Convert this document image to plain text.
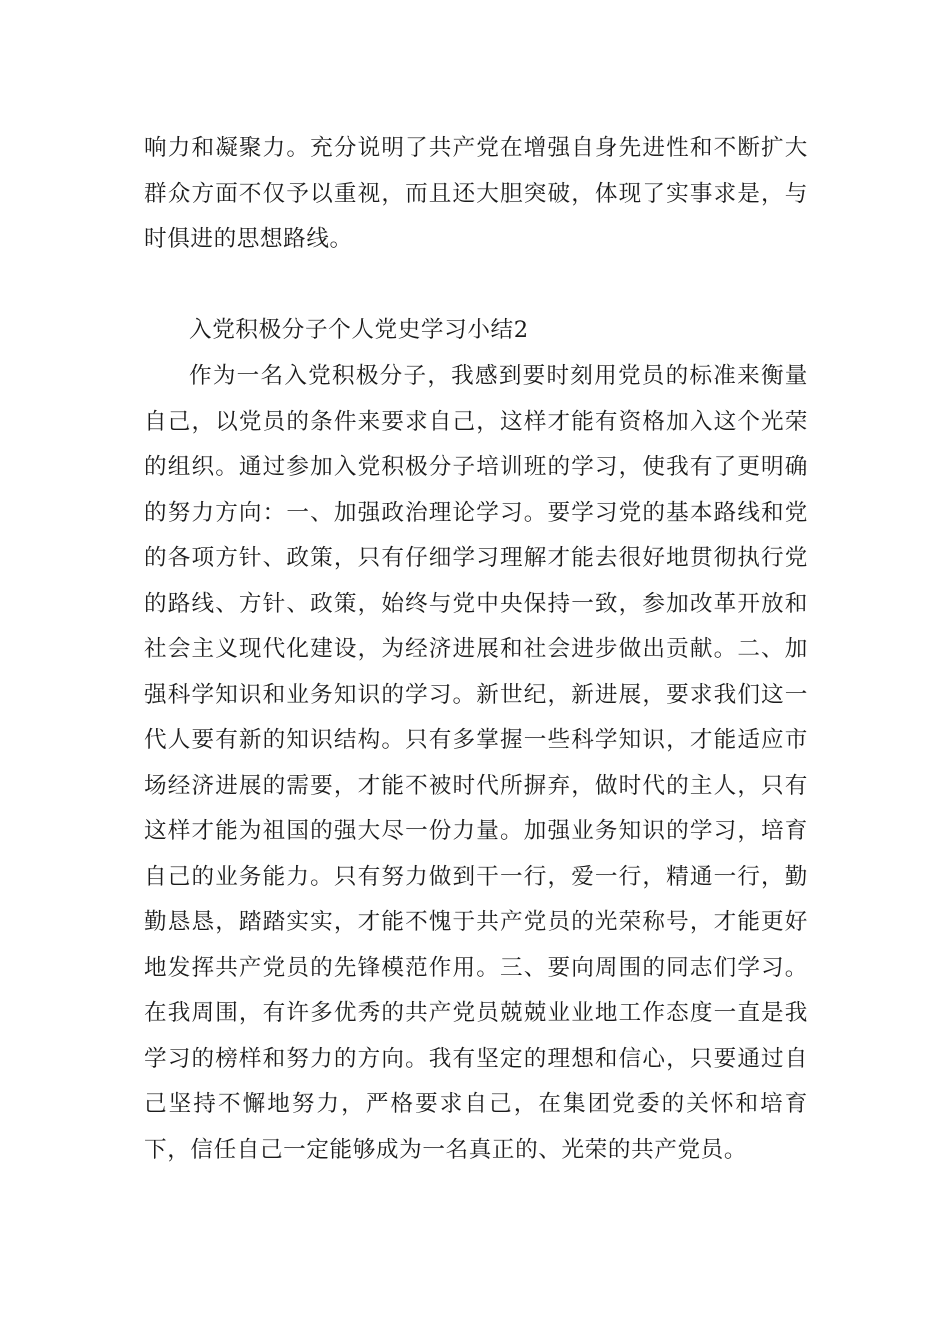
响力和凝聚力。充分说明了共产党在增强自身先进性和不断扩大群众方面不仅予以重视，而且还大胆突破，体现了实事求是，与时俱进的思想路线。

入党积极分子个人党史学习小结2

作为一名入党积极分子，我感到要时刻用党员的标准来衡量自己，以党员的条件来要求自己，这样才能有资格加入这个光荣的组织。通过参加入党积极分子培训班的学习，使我有了更明确的努力方向：一、加强政治理论学习。要学习党的基本路线和党的各项方针、政策，只有仔细学习理解才能去很好地贯彻执行党的路线、方针、政策，始终与党中央保持一致，参加改革开放和社会主义现代化建设，为经济进展和社会进步做出贡献。二、加强科学知识和业务知识的学习。新世纪，新进展，要求我们这一代人要有新的知识结构。只有多掌握一些科学知识，才能适应市场经济进展的需要，才能不被时代所摒弃，做时代的主人，只有这样才能为祖国的强大尽一份力量。加强业务知识的学习，培育自己的业务能力。只有努力做到干一行，爱一行，精通一行，勤勤恳恳，踏踏实实，才能不愧于共产党员的光荣称号，才能更好地发挥共产党员的先锋模范作用。三、要向周围的同志们学习。在我周围，有许多优秀的共产党员兢兢业业地工作态度一直是我学习的榜样和努力的方向。我有坚定的理想和信心，只要通过自己坚持不懈地努力，严格要求自己，在集团党委的关怀和培育下，信任自己一定能够成为一名真正的、光荣的共产党员。
